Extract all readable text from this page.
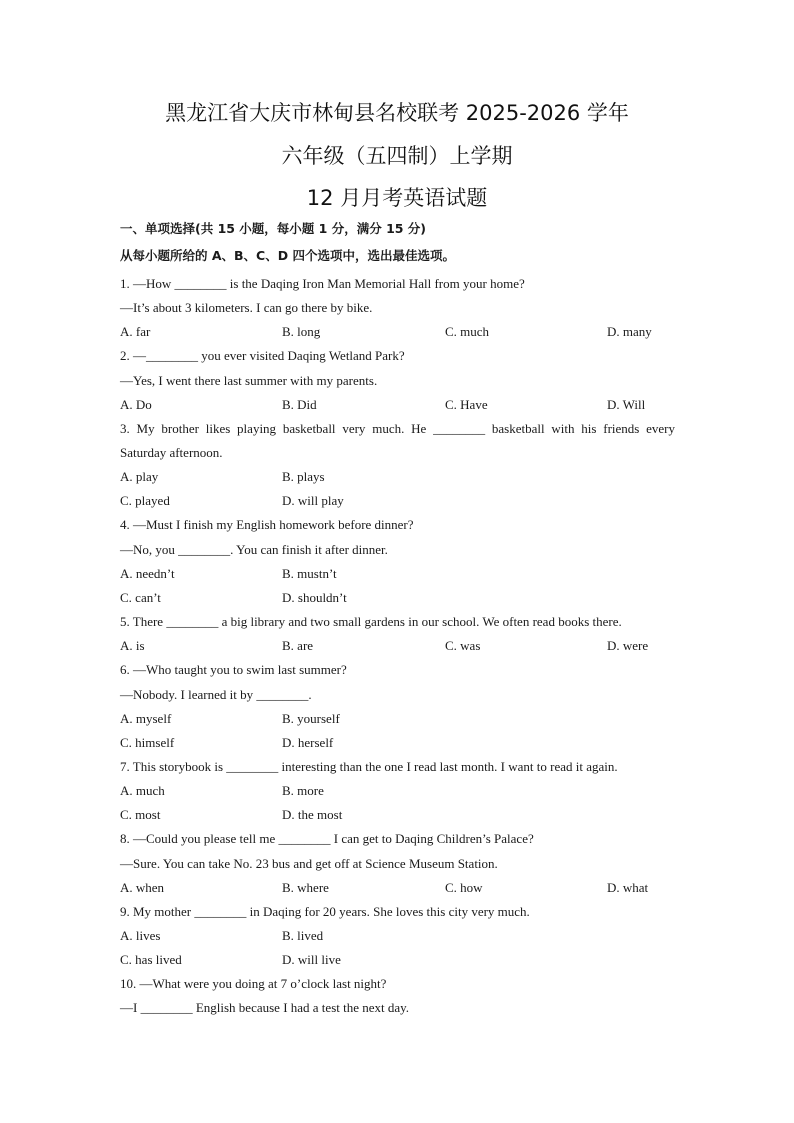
黑龙江省大庆市林甸县名校联考 2025-2026 学年
六年级（五四制）上学期
12 月月考英语试题
一、单项选择(共 15 小题，每小题 1 分，满分 15 分)
从每小题所给的 A、B、C、D 四个选项中，选出最佳选项。
1. —How ________ is the Daqing Iron Man Memorial Hall from your home?
—It’s about 3 kilometers. I can go there by bike.
A. far	B. long	C. much	D. many
2. —________ you ever visited Daqing Wetland Park?
—Yes, I went there last summer with my parents.
A. Do	B. Did	C. Have	D. Will
3. My brother likes playing basketball very much. He ________ basketball with his friends every
Saturday afternoon.
A. play	B. plays
C. played	D. will play
4. —Must I finish my English homework before dinner?
—No, you ________. You can finish it after dinner.
A. needn’t	B. mustn’t
C. can’t	D. shouldn’t
5. There ________ a big library and two small gardens in our school. We often read books there.
A. is	B. are	C. was	D. were
6. —Who taught you to swim last summer?
—Nobody. I learned it by ________.
A. myself	B. yourself
C. himself	D. herself
7. This storybook is ________ interesting than the one I read last month. I want to read it again.
A. much	B. more
C. most	D. the most
8. —Could you please tell me ________ I can get to Daqing Children’s Palace?
—Sure. You can take No. 23 bus and get off at Science Museum Station.
A. when	B. where	C. how	D. what
9. My mother ________ in Daqing for 20 years. She loves this city very much.
A. lives	B. lived
C. has lived	D. will live
10. —What were you doing at 7 o’clock last night?
—I ________ English because I had a test the next day.
